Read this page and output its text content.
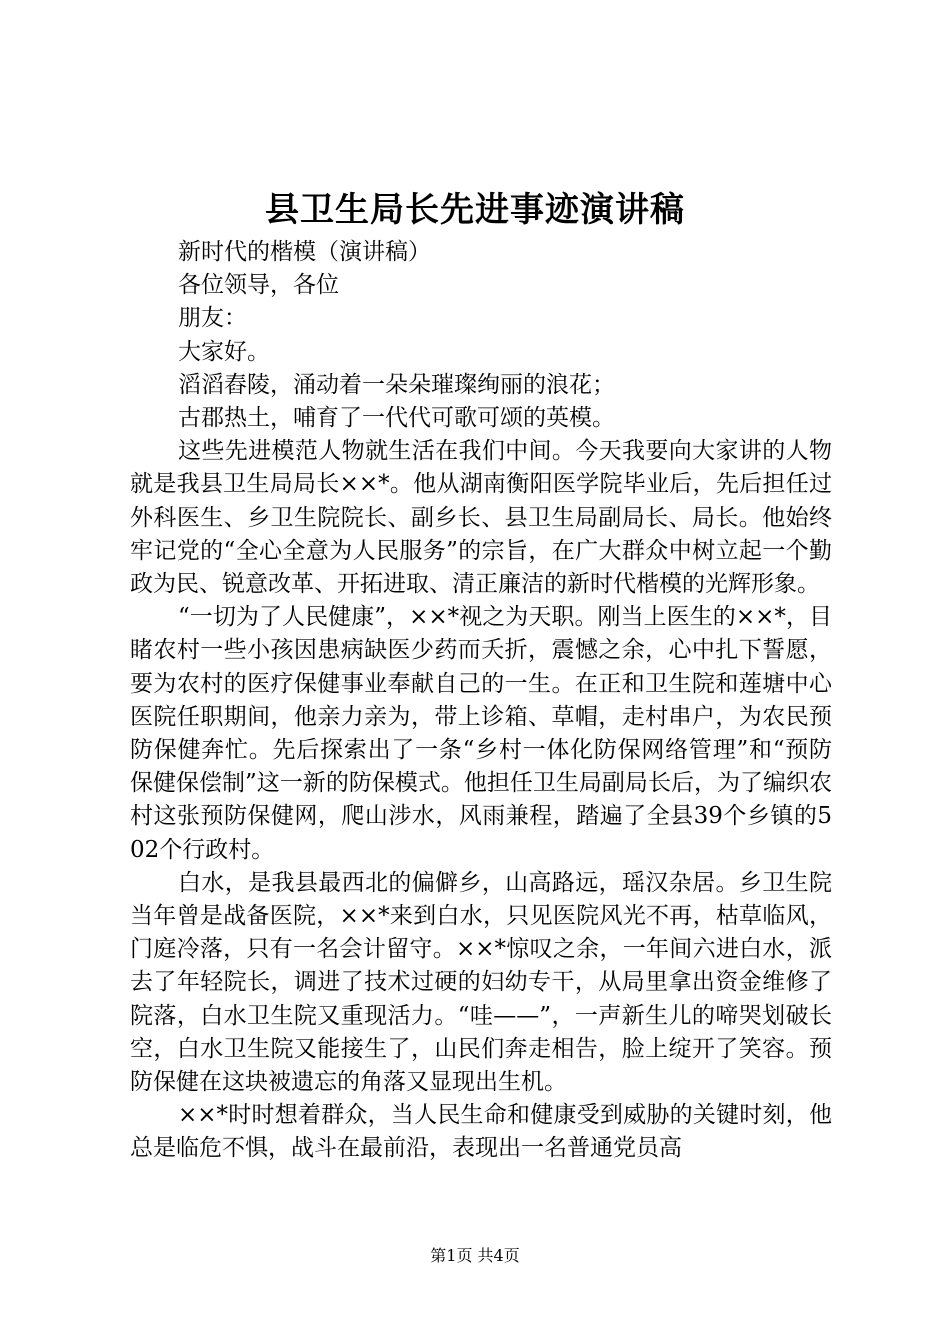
县卫生局长先进事迹演讲稿
新时代的楷模（演讲稿）
各位领导，各位
朋友：
大家好。
滔滔舂陵，涌动着一朵朵璀璨绚丽的浪花；
古郡热土，哺育了一代代可歌可颂的英模。
这些先进模范人物就生活在我们中间。今天我要向大家讲的人物就是我县卫生局局长××*。他从湖南衡阳医学院毕业后，先后担任过外科医生、乡卫生院院长、副乡长、县卫生局副局长、局长。他始终牢记党的“全心全意为人民服务”的宗旨，在广大群众中树立起一个勤政为民、锐意改革、开拓进取、清正廉洁的新时代楷模的光辉形象。
“一切为了人民健康”，××*视之为天职。刚当上医生的××*，目睹农村一些小孩因患病缺医少药而夭折，震憾之余，心中扎下誓愿，要为农村的医疗保健事业奉献自己的一生。在正和卫生院和莲塘中心医院任职期间，他亲力亲为，带上诊箱、草帽，走村串户，为农民预防保健奔忙。先后探索出了一条“乡村一体化防保网络管理”和“预防保健保偿制”这一新的防保模式。他担任卫生局副局长后，为了编织农村这张预防保健网，爬山涉水，风雨兼程，踏遍了全县39个乡镇的502个行政村。
白水，是我县最西北的偏僻乡，山高路远，瑶汉杂居。乡卫生院当年曾是战备医院，××*来到白水，只见医院风光不再，枯草临风，门庭冷落，只有一名会计留守。××*惊叹之余，一年间六进白水，派去了年轻院长，调进了技术过硬的妇幼专干，从局里拿出资金维修了院落，白水卫生院又重现活力。“哇——”，一声新生儿的啼哭划破长空，白水卫生院又能接生了，山民们奔走相告，脸上绽开了笑容。预防保健在这块被遗忘的角落又显现出生机。
××*时时想着群众，当人民生命和健康受到威胁的关键时刻，他总是临危不惧，战斗在最前沿，表现出一名普通党员高
第1页 共4页
